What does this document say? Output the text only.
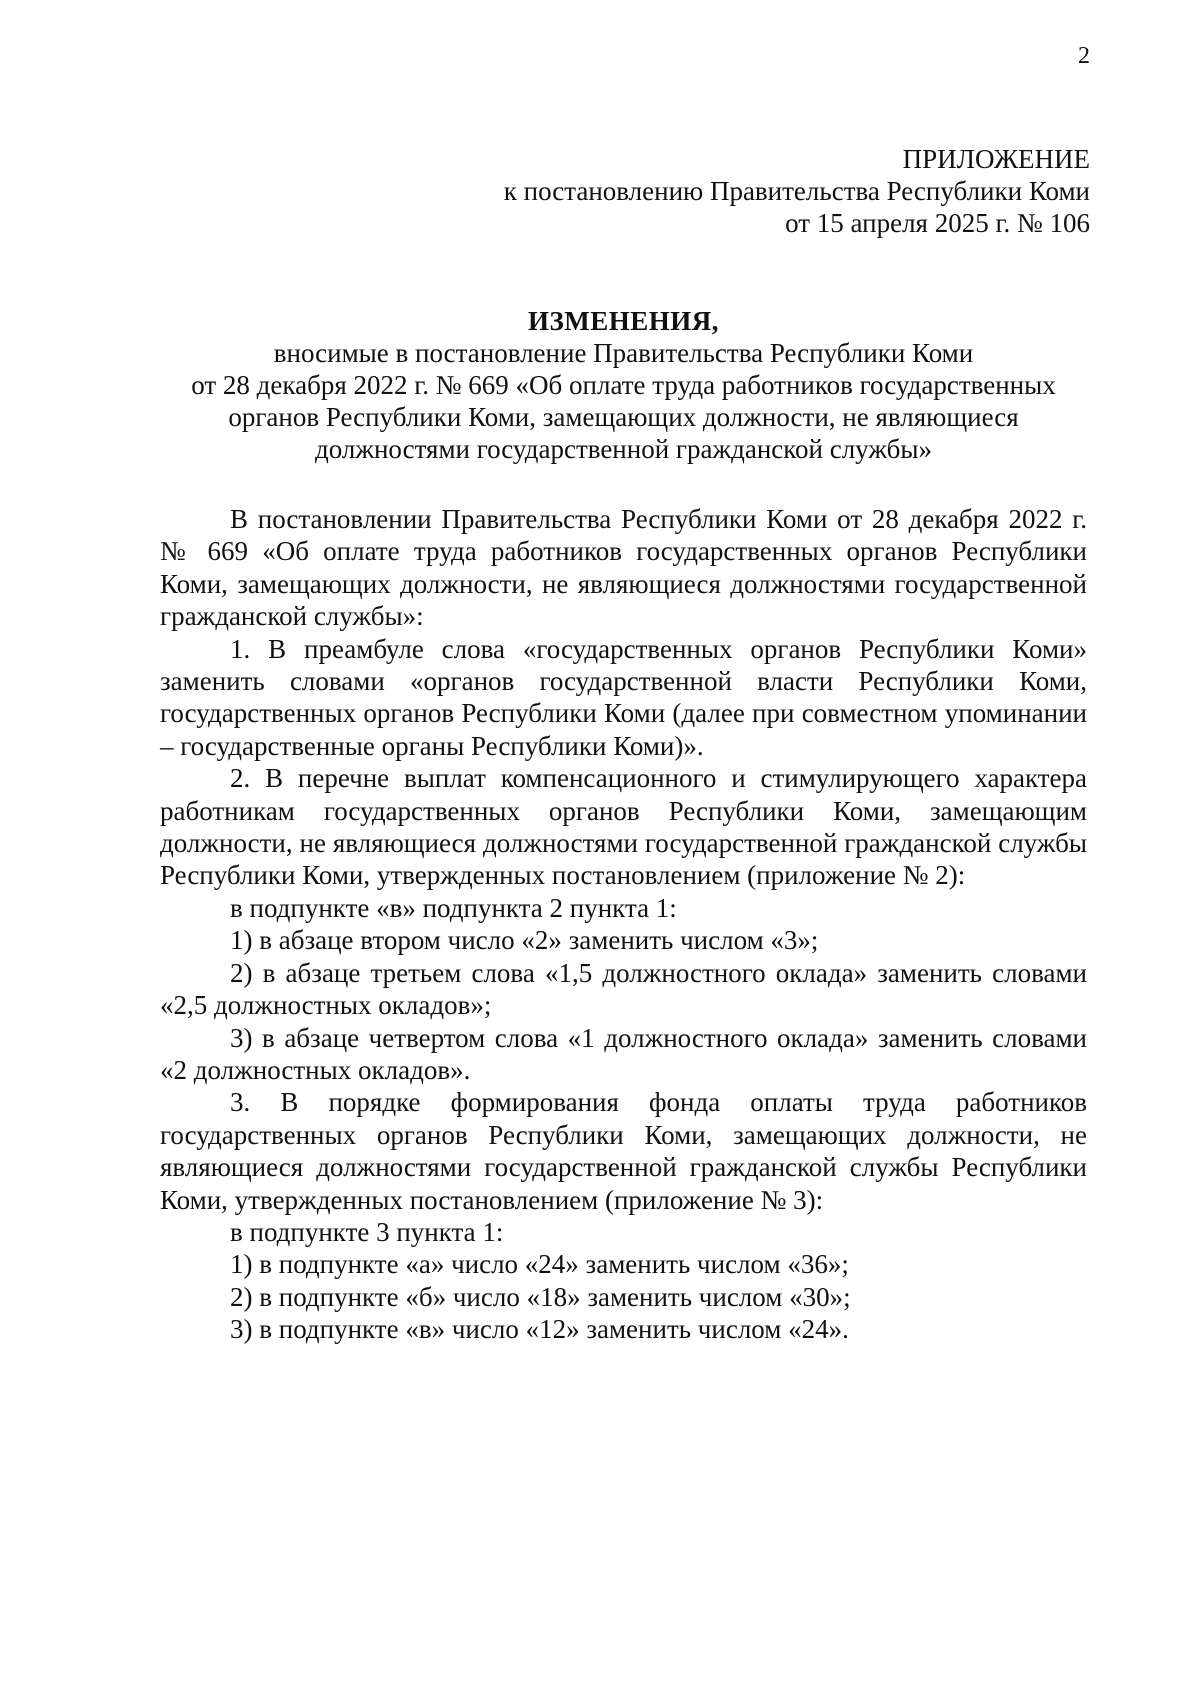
2
ПРИЛОЖЕНИЕ
к постановлению Правительства Республики Коми
от 15 апреля 2025 г. № 106
ИЗМЕНЕНИЯ,
вносимые в постановление Правительства Республики Коми
от 28 декабря 2022 г. № 669 «Об оплате труда работников государственных
органов Республики Коми, замещающих должности, не являющиеся
должностями государственной гражданской службы»

В постановлении Правительства Республики Коми от 28 декабря 2022 г. № 669 «Об оплате труда работников государственных органов Республики Коми, замещающих должности, не являющиеся должностями государственной гражданской службы»:

1. В преамбуле слова «государственных органов Республики Коми» заменить словами «органов государственной власти Республики Коми, государственных органов Республики Коми (далее при совместном упоминании – государственные органы Республики Коми)».

2. В перечне выплат компенсационного и стимулирующего характера работникам государственных органов Республики Коми, замещающим должности, не являющиеся должностями государственной гражданской службы Республики Коми, утвержденных постановлением (приложение № 2):

в подпункте «в» подпункта 2 пункта 1:

1) в абзаце втором число «2» заменить числом «3»;

2) в абзаце третьем слова «1,5 должностного оклада» заменить словами «2,5 должностных окладов»;

3) в абзаце четвертом слова «1 должностного оклада» заменить словами «2 должностных окладов».

3. В порядке формирования фонда оплаты труда работников государственных органов Республики Коми, замещающих должности, не являющиеся должностями государственной гражданской службы Республики Коми, утвержденных постановлением (приложение № 3):

в подпункте 3 пункта 1:

1) в подпункте «а» число «24» заменить числом «36»;

2) в подпункте «б» число «18» заменить числом «30»;

3) в подпункте «в» число «12» заменить числом «24».
